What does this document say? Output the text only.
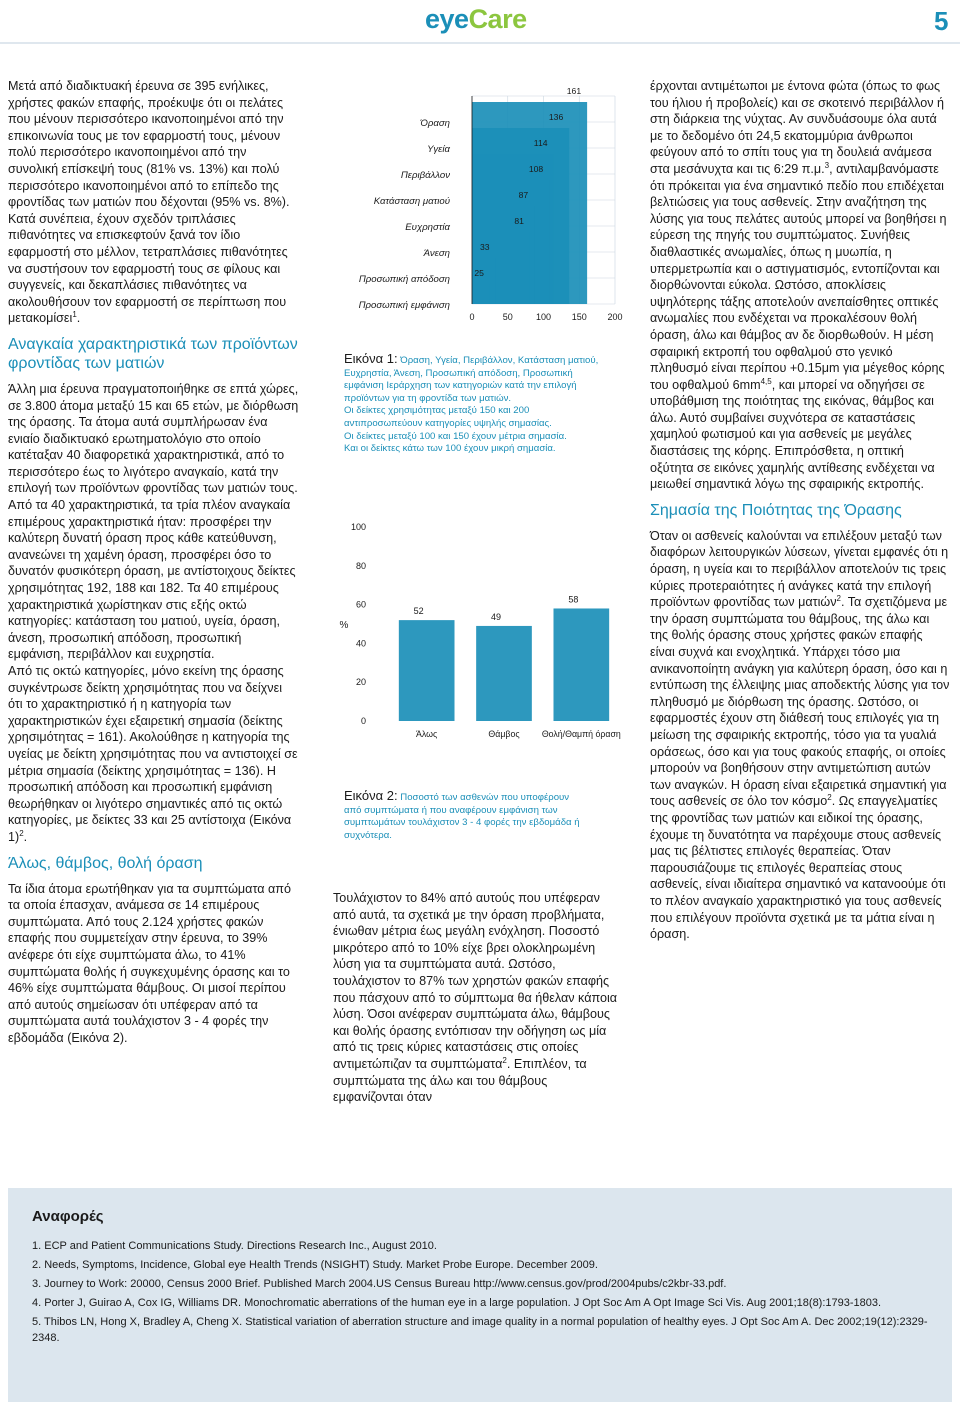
eyeCare	5

Μετά από διαδικτυακή έρευνα σε 395 ενήλικες, χρήστες φακών επαφής, προέκυψε ότι οι πελάτες που μένουν περισσότερο ικανοποιημένοι από την επικοινωνία τους με τον εφαρμοστή τους, μένουν πολύ περισσότερο ικανοποιημένοι από την συνολική επίσκεψή τους (81% vs. 13%) και πολύ περισσότερο ικανοποιημένοι από το επίπεδο της φροντίδας των ματιών που δέχονται (95% vs. 8%). Κατά συνέπεια, έχουν σχεδόν τριπλάσιες πιθανότητες να επισκεφτούν ξανά τον ίδιο εφαρμοστή στο μέλλον, τετραπλάσιες πιθανότητες να συστήσουν τον εφαρμοστή τους σε φίλους και συγγενείς, και δεκαπλάσιες πιθανότητες να ακολουθήσουν τον εφαρμοστή σε περίπτωση που μετακομίσει$^1$.

Αναγκαία χαρακτηριστικά των προϊόντων φροντίδας των ματιών

Άλλη μια έρευνα πραγματοποιήθηκε σε επτά χώρες, σε 3.800 άτομα μεταξύ 15 και 65 ετών, με διόρθωση της όρασης. Τα άτομα αυτά συμπλήρωσαν ένα ενιαίο διαδικτυακό ερωτηματολόγιο στο οποίο κατέταξαν 40 διαφορετικά χαρακτηριστικά, από το περισσότερο έως το λιγότερο αναγκαίο, κατά την επιλογή των προϊόντων φροντίδας των ματιών τους. Από τα 40 χαρακτηριστικά, τα τρία πλέον αναγκαία επιμέρους χαρακτηριστικά ήταν: προσφέρει την καλύτερη δυνατή όραση προς κάθε κατεύθυνση, ανανεώνει τη χαμένη όραση, προσφέρει όσο το δυνατόν φυσικότερη όραση, με αντίστοιχους δείκτες χρησιμότητας 192, 188 και 182. Τα 40 επιμέρους χαρακτηριστικά χωρίστηκαν στις εξής οκτώ κατηγορίες: κατάσταση του ματιού, υγεία, όραση, άνεση, προσωπική απόδοση, προσωπική εμφάνιση, περιβάλλον και ευχρηστία.

Από τις οκτώ κατηγορίες, μόνο εκείνη της όρασης συγκέντρωσε δείκτη χρησιμότητας που να δείχνει ότι το χαρακτηριστικό ή η κατηγορία των χαρακτηριστικών έχει εξαιρετική σημασία (δείκτης χρησιμότητας = 161). Ακολούθησε η κατηγορία της υγείας με δείκτη χρησιμότητας που να αντιστοιχεί σε μέτρια σημασία (δείκτης χρησιμότητας = 136). Η προσωπική απόδοση και προσωπική εμφάνιση θεωρήθηκαν οι λιγότερο σημαντικές από τις οκτώ κατηγορίες, με δείκτες 33 και 25 αντίστοιχα (Εικόνα 1)$^2$.

Άλως, θάμβος, θολή όραση

Τα ίδια άτομα ερωτήθηκαν για τα συμπτώματα από τα οποία έπασχαν, ανάμεσα σε 14 επιμέρους συμπτώματα. Από τους 2.124 χρήστες φακών επαφής που συμμετείχαν στην έρευνα, το 39% ανέφερε ότι είχε συμπτώματα άλω, το 41% συμπτώματα θολής ή συγκεχυμένης όρασης και το 46% είχε συμπτώματα θάμβους. Οι μισοί περίπου από αυτούς σημείωσαν ότι υπέφεραν από τα συμπτώματα αυτά τουλάχιστον 3 - 4 φορές την εβδομάδα (Εικόνα 2).

0	50	100 150 200
Όραση
161
Υγεία
136
Περιβάλλον
114
Κατάσταση ματιού
108
Ευχρηστία
87
Άνεση
81
Προσωπική απόδοση
33
Προσωπική εμφάνιση
25
Εικόνα 1: Όραση, Υγεία, Περιβάλλον, Κατάσταση ματιού,
Ευχρηστία, Άνεση, Προσωπική απόδοση, Προσωπική
εμφάνιση Ιεράρχηση των κατηγοριών κατά την επιλογή
προϊόντων για τη φροντίδα των ματιών.
Οι δείκτες χρησιμότητας μεταξύ 150 και 200
αντιπροσωπεύουν κατηγορίες υψηλής σημασίας.
Οι δείκτες μεταξύ 100 και 150 έχουν μέτρια σημασία.
Και οι δείκτες κάτω των 100 έχουν μικρή σημασία.
0
20
40
60
80
100
%
52
Άλως
49
Θάμβος
58
Θολή/Θαμπή όραση
Εικόνα 2: Ποσοστό των ασθενών που υποφέρουν
από συμπτώματα ή που αναφέρουν εμφάνιση των
συμπτωμάτων τουλάχιστον 3 - 4 φορές την εβδομάδα ή
συχνότερα.

Τουλάχιστον το 84% από αυτούς που υπέφεραν από αυτά, τα σχετικά με την όραση προβλήματα, ένιωθαν μέτρια έως μεγάλη ενόχληση. Ποσοστό μικρότερο από το 10% είχε βρει ολοκληρωμένη λύση για τα συμπτώματα αυτά. Ωστόσο, τουλάχιστον το 87% των χρηστών φακών επαφής που πάσχουν από το σύμπτωμα θα ήθελαν κάποια λύση. Όσοι ανέφεραν συμπτώματα άλω, θάμβους και θολής όρασης εντόπισαν την οδήγηση ως μία από τις τρεις κύριες καταστάσεις στις οποίες αντιμετώπιζαν τα συμπτώματα$^2$. Επιπλέον, τα συμπτώματα της άλω και του θάμβους εμφανίζονται όταν

έρχονται αντιμέτωποι με έντονα φώτα (όπως το φως του ήλιου ή προβολείς) και σε σκοτεινό περιβάλλον ή στη διάρκεια της νύχτας. Αν συνδυάσουμε όλα αυτά με το δεδομένο ότι 24,5 εκατομμύρια άνθρωποι φεύγουν από το σπίτι τους για τη δουλειά ανάμεσα στα μεσάνυχτα και τις 6:29 π.μ.$^3$, αντιλαμβανόμαστε ότι πρόκειται για ένα σημαντικό πεδίο που επιδέχεται βελτιώσεις για τους ασθενείς. Στην αναζήτηση της λύσης για τους πελάτες αυτούς μπορεί να βοηθήσει η εύρεση της πηγής του συμπτώματος. Συνήθεις διαθλαστικές ανωμαλίες, όπως η μυωπία, η υπερμετρωπία και ο αστιγματισμός, εντοπίζονται και διορθώνονται εύκολα. Ωστόσο, αποκλίσεις υψηλότερης τάξης αποτελούν ανεπαίσθητες οπτικές ανωμαλίες που ενδέχεται να προκαλέσουν θολή όραση, άλω και θάμβος αν δε διορθωθούν. Η μέση σφαιρική εκτροπή του οφθαλμού στο γενικό πληθυσμό είναι περίπου +0.15μm για μέγεθος κόρης του οφθαλμού 6mm$^{4,5}$, και μπορεί να οδηγήσει σε υποβάθμιση της ποιότητας της εικόνας, θάμβος και άλω. Αυτό συμβαίνει συχνότερα σε καταστάσεις χαμηλού φωτισμού και για ασθενείς με μεγάλες διαστάσεις της κόρης. Επιπρόσθετα, η οπτική οξύτητα σε εικόνες χαμηλής αντίθεσης ενδέχεται να μειωθεί σημαντικά λόγω της σφαιρικής εκτροπής.

Σημασία της Ποιότητας της Όρασης

Όταν οι ασθενείς καλούνται να επιλέξουν μεταξύ των διαφόρων λειτουργικών λύσεων, γίνεται εμφανές ότι η όραση, η υγεία και το περιβάλλον αποτελούν τις τρεις κύριες προτεραιότητες ή ανάγκες κατά την επιλογή προϊόντων φροντίδας των ματιών$^2$. Τα σχετιζόμενα με την όραση συμπτώματα του θάμβους, της άλω και της θολής όρασης στους χρήστες φακών επαφής είναι συχνά και ενοχλητικά. Υπάρχει τόσο μια ανικανοποίητη ανάγκη για καλύτερη όραση, όσο και η εντύπωση της έλλειψης μιας αποδεκτής λύσης για τον πληθυσμό με διόρθωση της όρασης. Ωστόσο, οι εφαρμοστές έχουν στη διάθεσή τους επιλογές για τη μείωση της σφαιρικής εκτροπής, τόσο για τα γυαλιά οράσεως, όσο και για τους φακούς επαφής, οι οποίες μπορούν να βοηθήσουν στην αντιμετώπιση αυτών των αναγκών. Η όραση είναι εξαιρετικά σημαντική για τους ασθενείς σε όλο τον κόσμο$^2$. Ως επαγγελματίες της φροντίδας των ματιών και ειδικοί της όρασης, έχουμε τη δυνατότητα να παρέχουμε στους ασθενείς μας τις βέλτιστες επιλογές θεραπείας. Όταν παρουσιάζουμε τις επιλογές θεραπείας στους ασθενείς, είναι ιδιαίτερα σημαντικό να κατανοούμε ότι το πλέον αναγκαίο χαρακτηριστικό για τους ασθενείς που επιλέγουν προϊόντα σχετικά με τα μάτια είναι η όραση.

Αναφορές
1. ECP and Patient Communications Study. Directions Research Inc., August 2010.
2. Needs, Symptoms, Incidence, Global eye Health Trends (NSIGHT) Study. Market Probe Europe. December 2009.
3. Journey to Work: 20000, Census 2000 Brief. Published March 2004.US Census Bureau http://www.census.gov/prod/2004pubs/c2kbr-33.pdf.
4. Porter J, Guirao A, Cox IG, Williams DR. Monochromatic aberrations of the human eye in a large population. J Opt Soc Am A Opt Image Sci Vis. Aug 2001;18(8):1793-1803.
5. Thibos LN, Hong X, Bradley A, Cheng X. Statistical variation of aberration structure and image quality in a normal population of healthy eyes. J Opt Soc Am A. Dec 2002;19(12):2329-2348.
